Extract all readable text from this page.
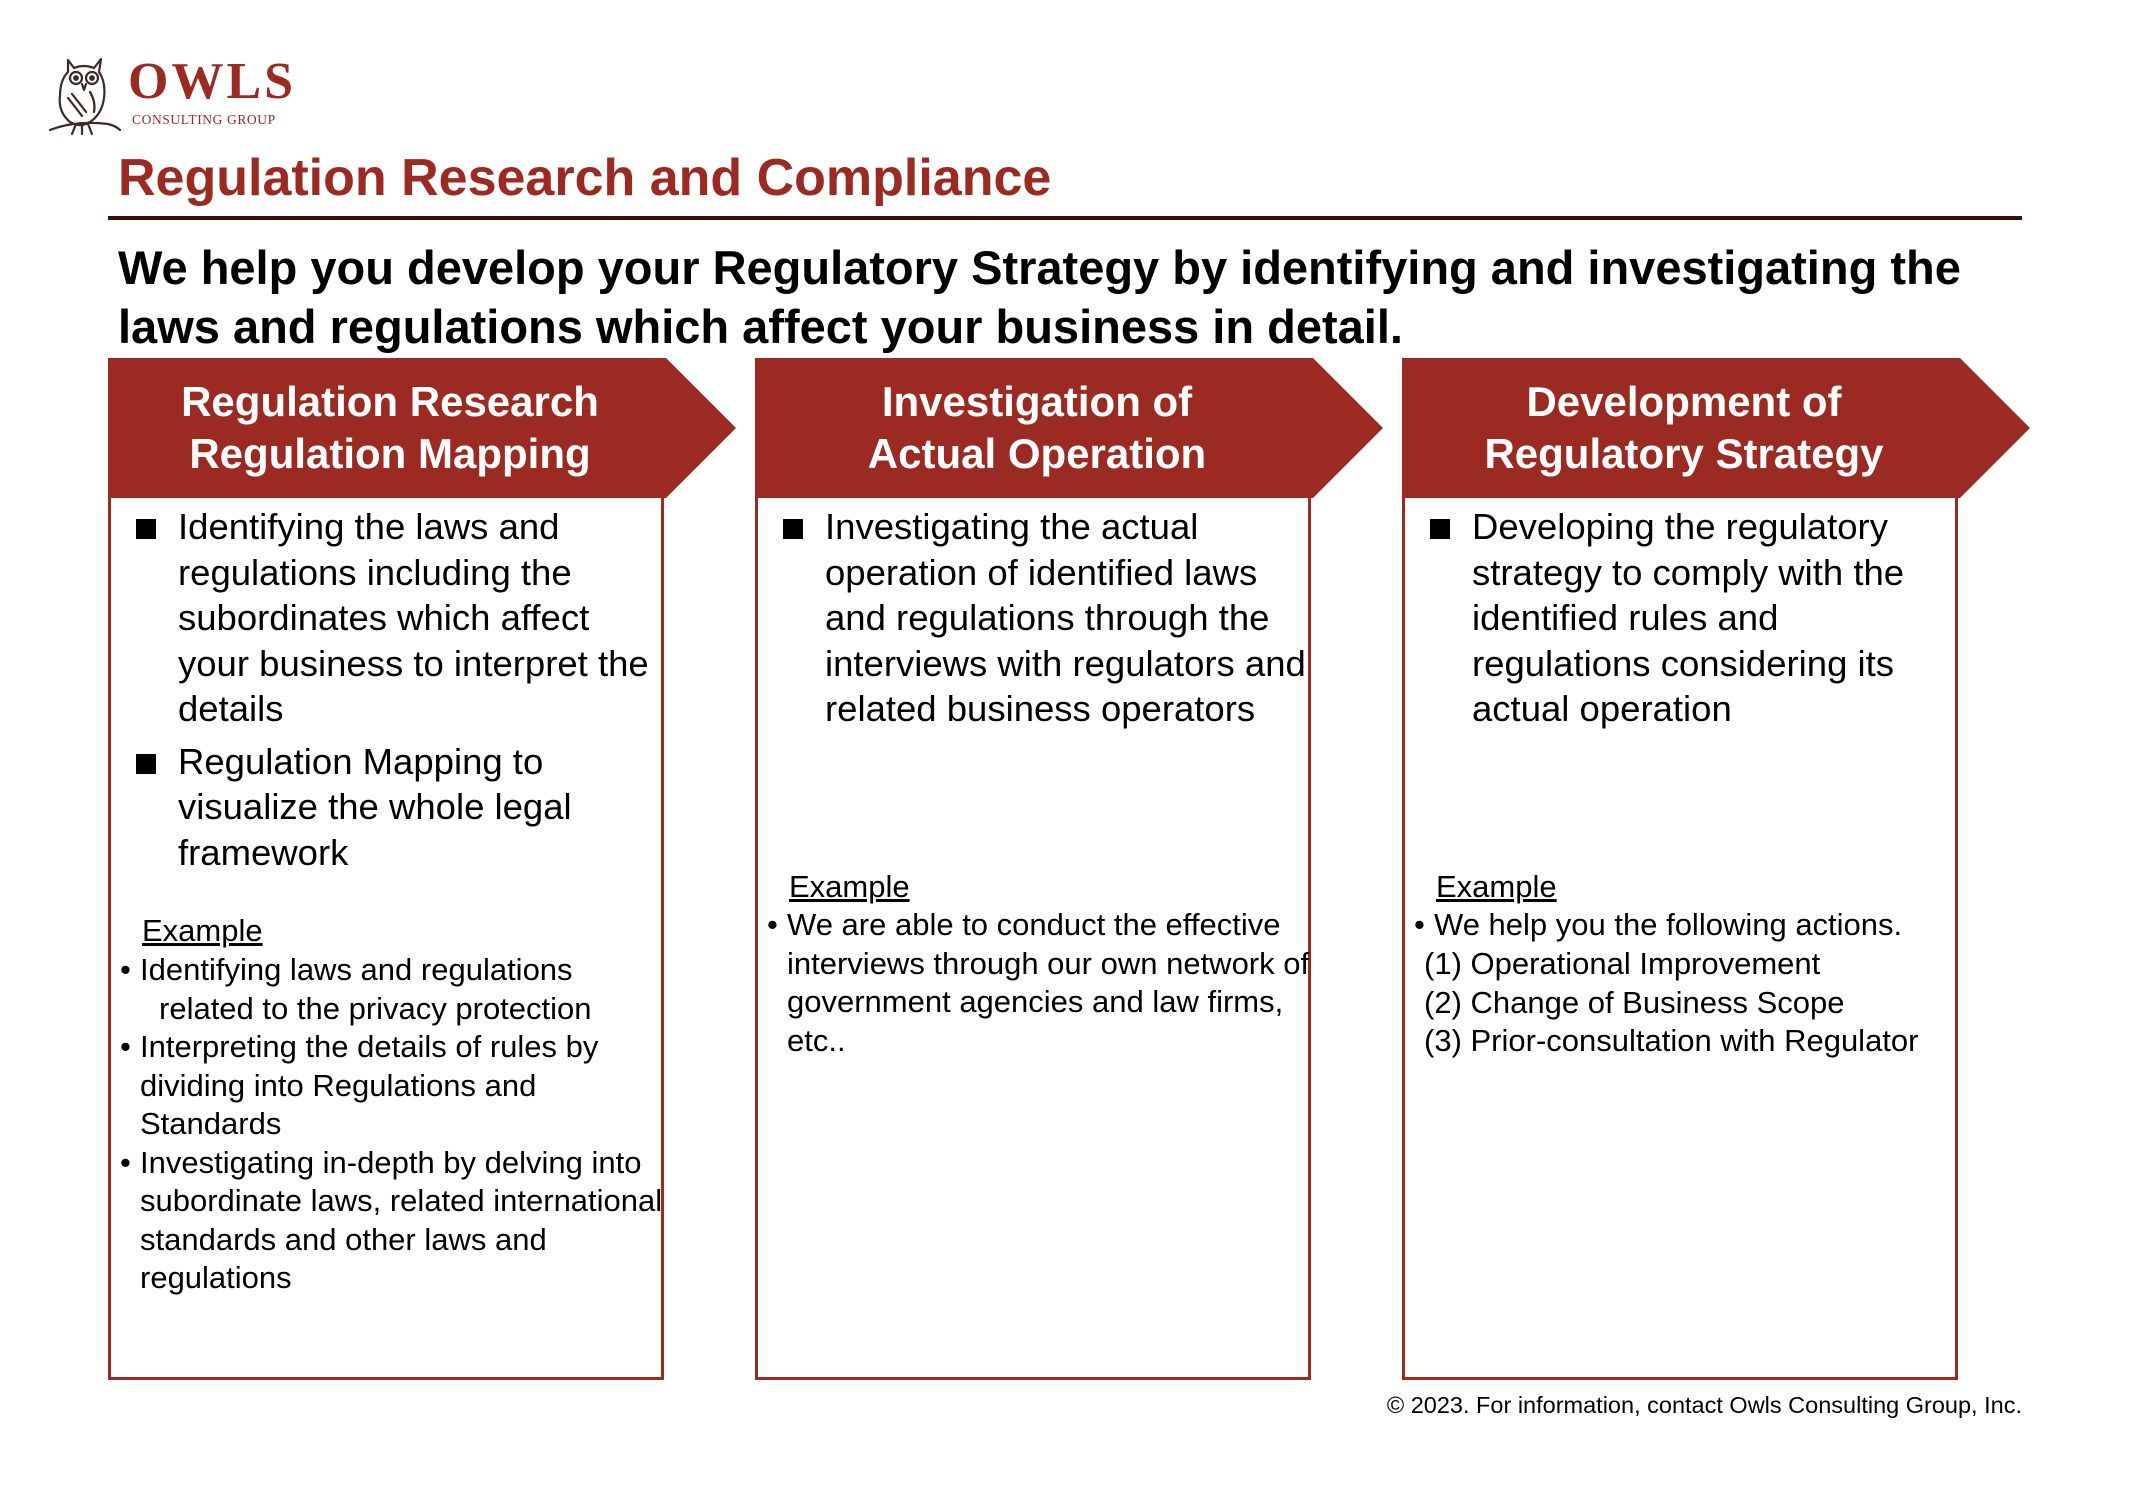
OWLS
CONSULTING GROUP
Regulation Research and Compliance
We help you develop your Regulatory Strategy by identifying and investigating the laws and regulations which affect your business in detail.
Regulation Research
Regulation Mapping
Identifying the laws and regulations including the subordinates which affect your business to interpret the details
Regulation Mapping to visualize the whole legal framework
Example
• Identifying laws and regulations
related to the privacy protection
• Interpreting the details of rules by dividing into Regulations and Standards
• Investigating in-depth by delving into subordinate laws, related international standards and other laws and regulations
Investigation of
Actual Operation
Investigating the actual operation of identified laws and regulations through the interviews with regulators and related business operators
Example
• We are able to conduct the effective interviews through our own network of government agencies and law firms, etc..
Development of
Regulatory Strategy
Developing the regulatory strategy to comply with the identified rules and regulations considering its actual operation
Example
• We help you the following actions.
(1) Operational Improvement
(2) Change of Business Scope
(3) Prior-consultation with Regulator
© 2023. For information, contact Owls Consulting Group, Inc.
